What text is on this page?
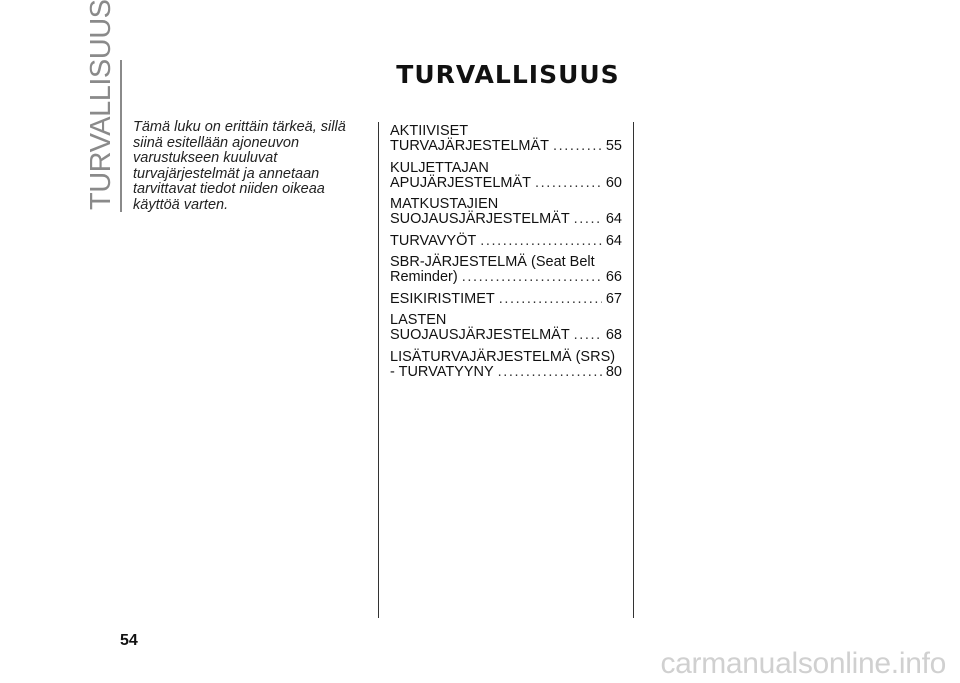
TURVALLISUUS	TURVALLISUUS

Tämä luku on erittäin tärkeä, sillä siinä esitellään ajoneuvon varustukseen kuuluvat turvajärjestelmät ja annetaan tarvittavat tiedot niiden oikeaa käyttöä varten.

AKTIIVISET
TURVAJÄRJESTELMÄT .....	55
KULJETTAJAN
APUJÄRJESTELMÄT .....	60
MATKUSTAJIEN
SUOJAUSJÄRJESTELMÄT ..... 64
TURVAVYÖT .....	64
SBR-JÄRJESTELMÄ (Seat Belt
Reminder) .....	66
ESIKIRISTIMET .....	67
LASTEN
SUOJAUSJÄRJESTELMÄT ..... 68
LISÄTURVAJÄRJESTELMÄ (SRS)
- TURVATYYNY .....	80
54
carmanualsonline.info
